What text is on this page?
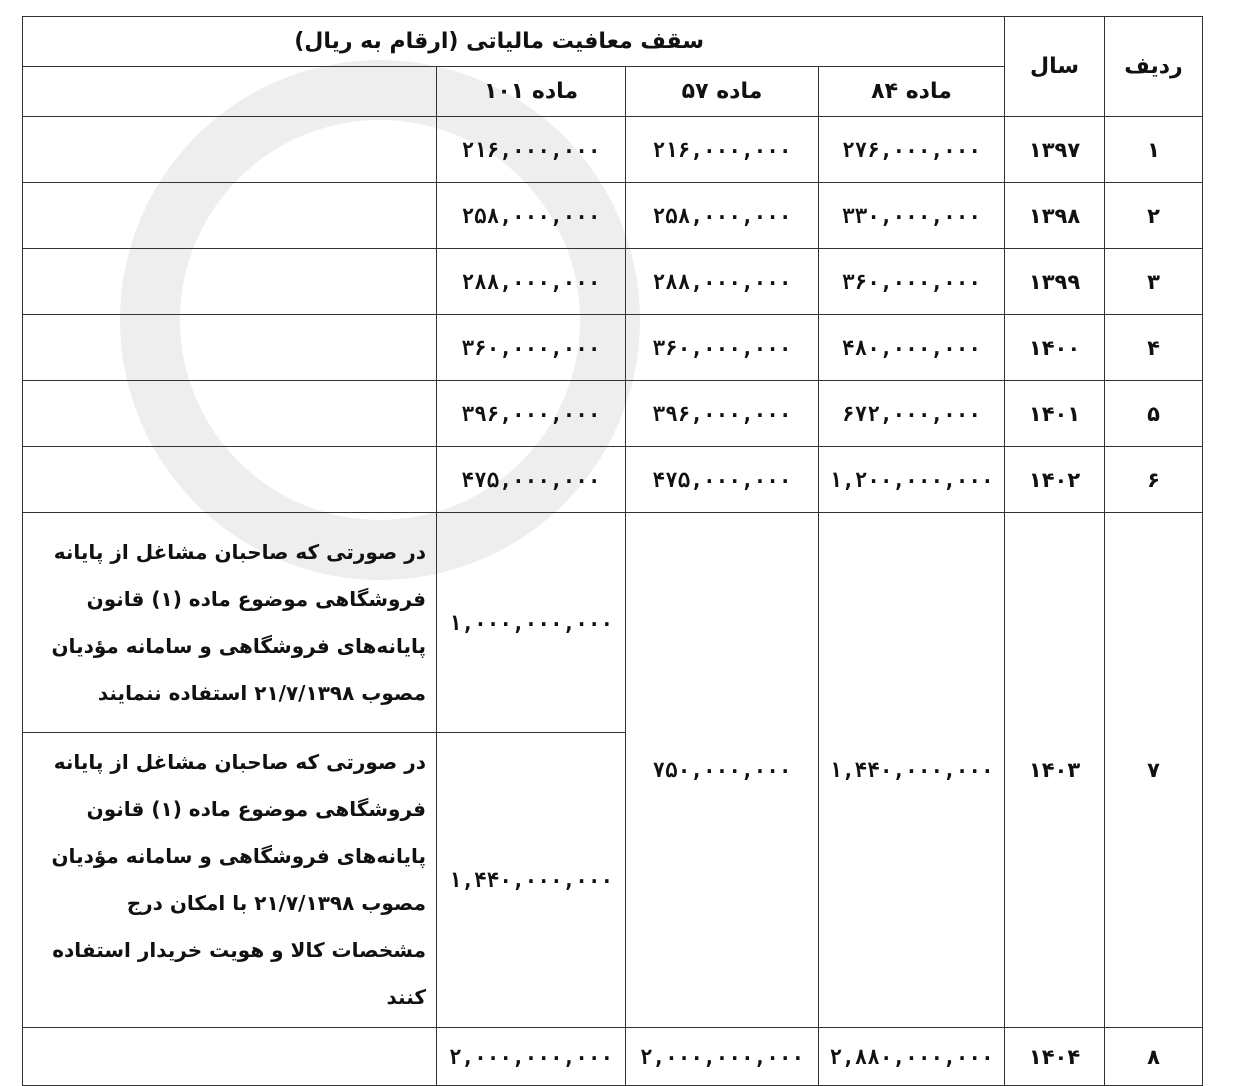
ردیف	سال	سقف معافیت مالیاتی (ارقام به ریال)			
		ماده ۸۴	ماده ۵۷	ماده ۱۰۱	
۱	۱۳۹۷	۲۷۶,۰۰۰,۰۰۰	۲۱۶,۰۰۰,۰۰۰	۲۱۶,۰۰۰,۰۰۰	
۲	۱۳۹۸	۳۳۰,۰۰۰,۰۰۰	۲۵۸,۰۰۰,۰۰۰	۲۵۸,۰۰۰,۰۰۰	
۳	۱۳۹۹	۳۶۰,۰۰۰,۰۰۰	۲۸۸,۰۰۰,۰۰۰	۲۸۸,۰۰۰,۰۰۰	
۴	۱۴۰۰	۴۸۰,۰۰۰,۰۰۰	۳۶۰,۰۰۰,۰۰۰	۳۶۰,۰۰۰,۰۰۰	
۵	۱۴۰۱	۶۷۲,۰۰۰,۰۰۰	۳۹۶,۰۰۰,۰۰۰	۳۹۶,۰۰۰,۰۰۰	
۶	۱۴۰۲	۱,۲۰۰,۰۰۰,۰۰۰	۴۷۵,۰۰۰,۰۰۰	۴۷۵,۰۰۰,۰۰۰	
۷	۱۴۰۳	۱,۴۴۰,۰۰۰,۰۰۰	۷۵۰,۰۰۰,۰۰۰	۱,۰۰۰,۰۰۰,۰۰۰	در صورتی که صاحبان مشاغل از پایانه فروشگاهی موضوع ماده (۱) قانون پایانه‌های فروشگاهی و سامانه مؤدیان مصوب ۲۱/۷/۱۳۹۸ استفاده ننمایند
				۱,۴۴۰,۰۰۰,۰۰۰	در صورتی که صاحبان مشاغل از پایانه فروشگاهی موضوع ماده (۱) قانون پایانه‌های فروشگاهی و سامانه مؤدیان مصوب ۲۱/۷/۱۳۹۸ با امکان درج مشخصات کالا و هویت خریدار استفاده کنند
۸	۱۴۰۴	۲,۸۸۰,۰۰۰,۰۰۰	۲,۰۰۰,۰۰۰,۰۰۰	۲,۰۰۰,۰۰۰,۰۰۰	
